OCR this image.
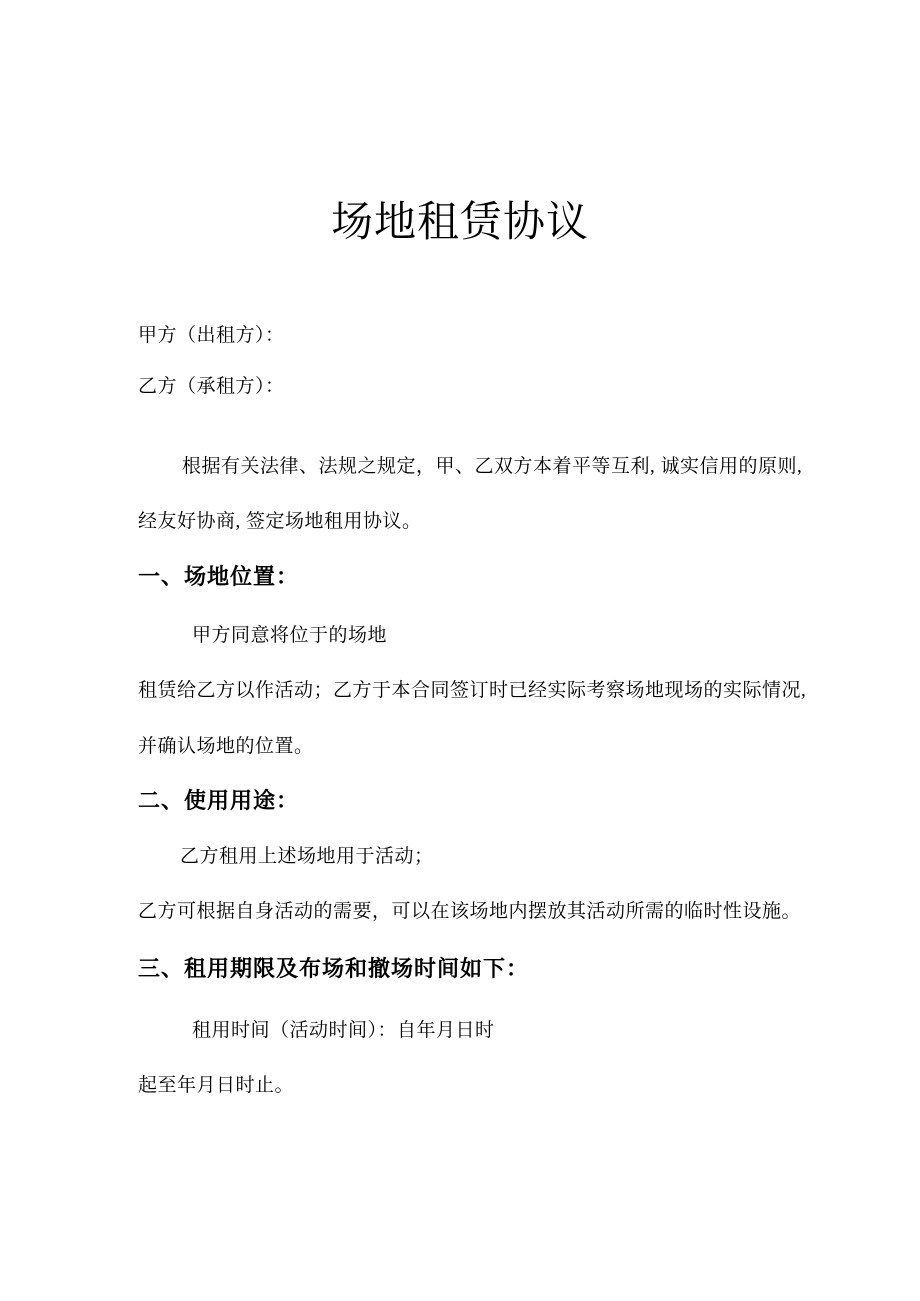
场地租赁协议
甲方（出租方）：
乙方（承租方）：
根据有关法律、法规之规定，甲、乙双方本着平等互利, 诚实信用的原则,
经友好协商, 签定场地租用协议。
一、场地位置：
甲方同意将位于的场地
租赁给乙方以作活动；乙方于本合同签订时已经实际考察场地现场的实际情况,
并确认场地的位置。
二、使用用途：
乙方租用上述场地用于活动；
乙方可根据自身活动的需要，可以在该场地内摆放其活动所需的临时性设施。
三、租用期限及布场和撤场时间如下：
租用时间（活动时间）：自年月日时
起至年月日时止。
